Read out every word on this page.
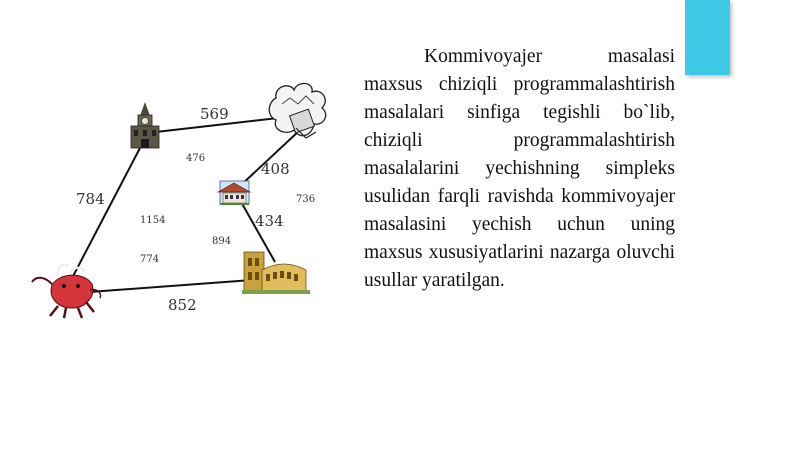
569
784
408
434
852
476
736
1154
894
774

Kommivoyajer masalasi maxsus chiziqli programmalashtirish masalalari sinfiga tegishli bo`lib, chiziqli programmalashtirish masalalarini yechishning simpleks usulidan farqli ravishda kommivoyajer masalasini yechish uchun uning maxsus xususiyatlarini nazarga oluvchi usullar yaratilgan.
